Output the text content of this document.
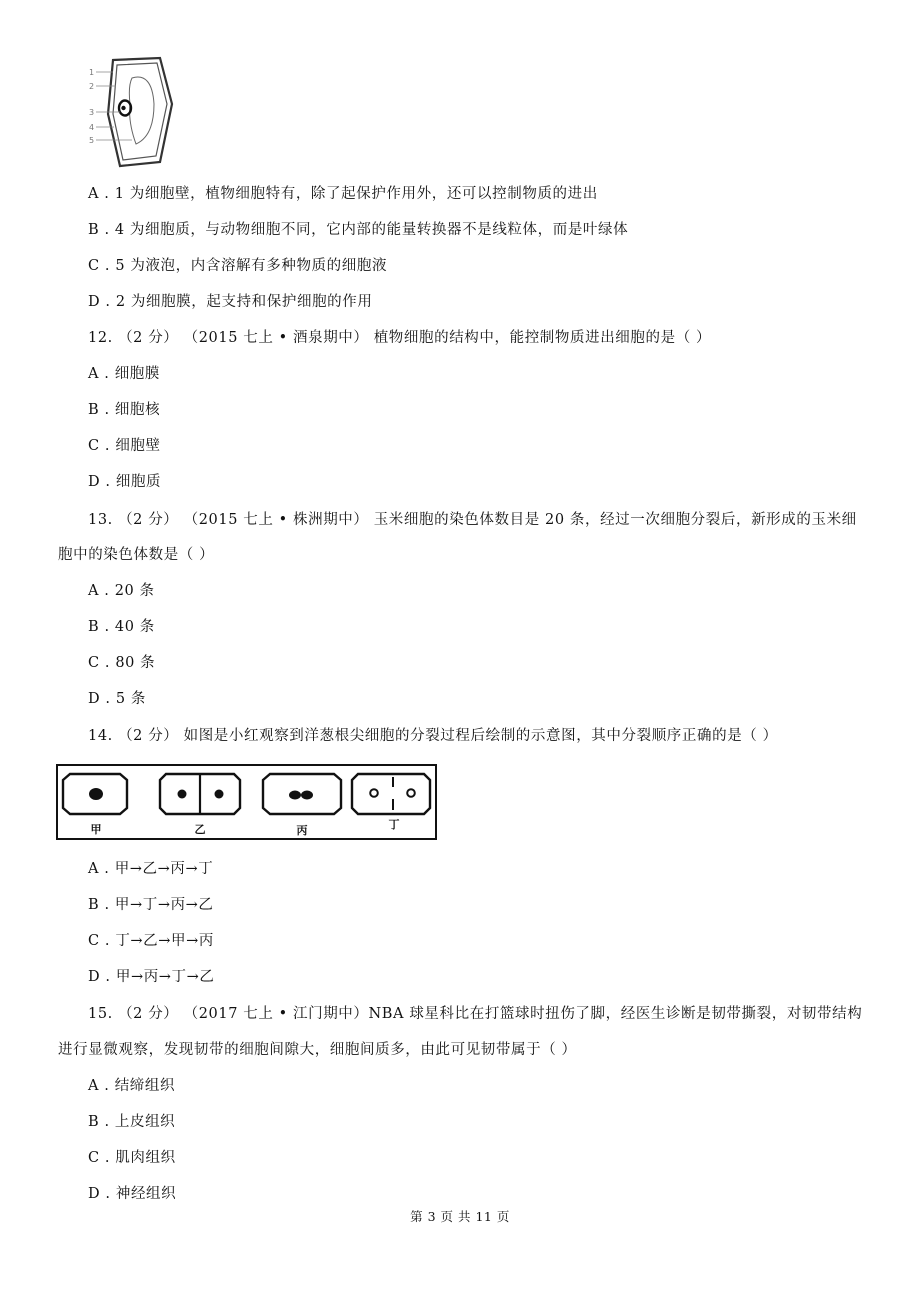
1
2
3
4
5
A . 1 为细胞壁，植物细胞特有，除了起保护作用外，还可以控制物质的进出
B . 4 为细胞质，与动物细胞不同，它内部的能量转换器不是线粒体，而是叶绿体
C . 5 为液泡，内含溶解有多种物质的细胞液
D . 2 为细胞膜，起支持和保护细胞的作用
12. （2 分） （2015 七上 • 酒泉期中） 植物细胞的结构中，能控制物质进出细胞的是（ ）
A . 细胞膜
B . 细胞核
C . 细胞壁
D . 细胞质
13. （2 分） （2015 七上 • 株洲期中） 玉米细胞的染色体数目是 20 条，经过一次细胞分裂后，新形成的玉米细
胞中的染色体数是（ ）
A . 20 条
B . 40 条
C . 80 条
D . 5 条
14. （2 分） 如图是小红观察到洋葱根尖细胞的分裂过程后绘制的示意图，其中分裂顺序正确的是（ ）
甲	乙	丙	丁
A . 甲→乙→丙→丁
B . 甲→丁→丙→乙
C . 丁→乙→甲→丙
D . 甲→丙→丁→乙
15. （2 分） （2017 七上 • 江门期中）NBA 球星科比在打篮球时扭伤了脚，经医生诊断是韧带撕裂，对韧带结构
进行显微观察，发现韧带的细胞间隙大，细胞间质多，由此可见韧带属于（ ）
A . 结缔组织
B . 上皮组织
C . 肌肉组织
D . 神经组织
第 3 页 共 11 页
